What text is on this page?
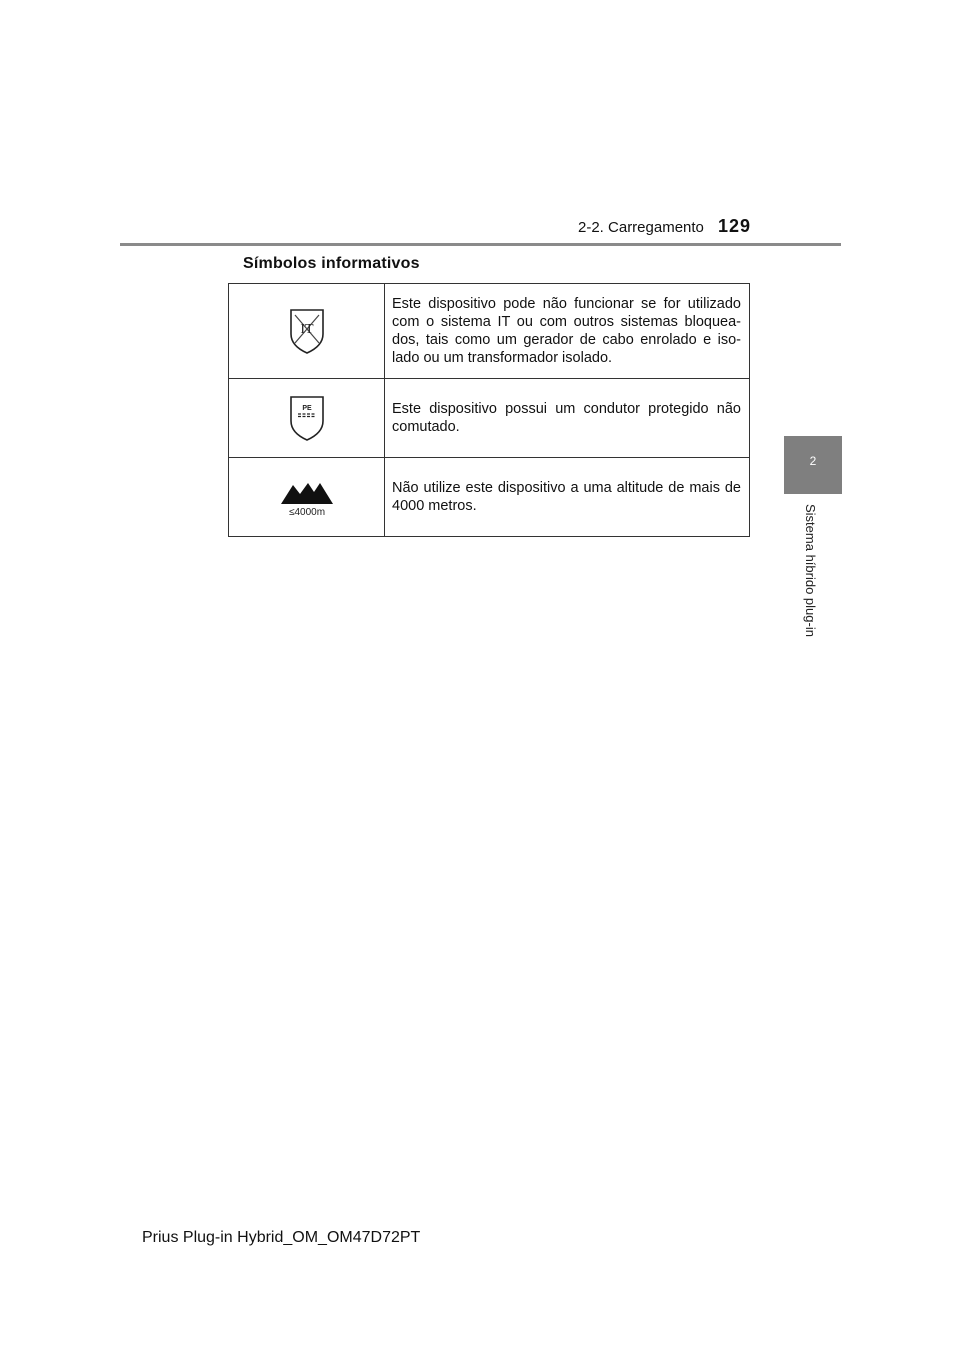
2-2. Carregamento 129
2
Sistema híbrido plug-in
Símbolos informativos
IT	Este dispositivo pode não funcionar se for utilizado com o sistema IT ou com outros sistemas bloquea-dos, tais como um gerador de cabo enrolado e iso-lado ou um transformador isolado.

PE	Este dispositivo possui um condutor protegido não comutado.

≤4000m	Não utilize este dispositivo a uma altitude de mais de 4000 metros.
Prius Plug-in Hybrid_OM_OM47D72PT
